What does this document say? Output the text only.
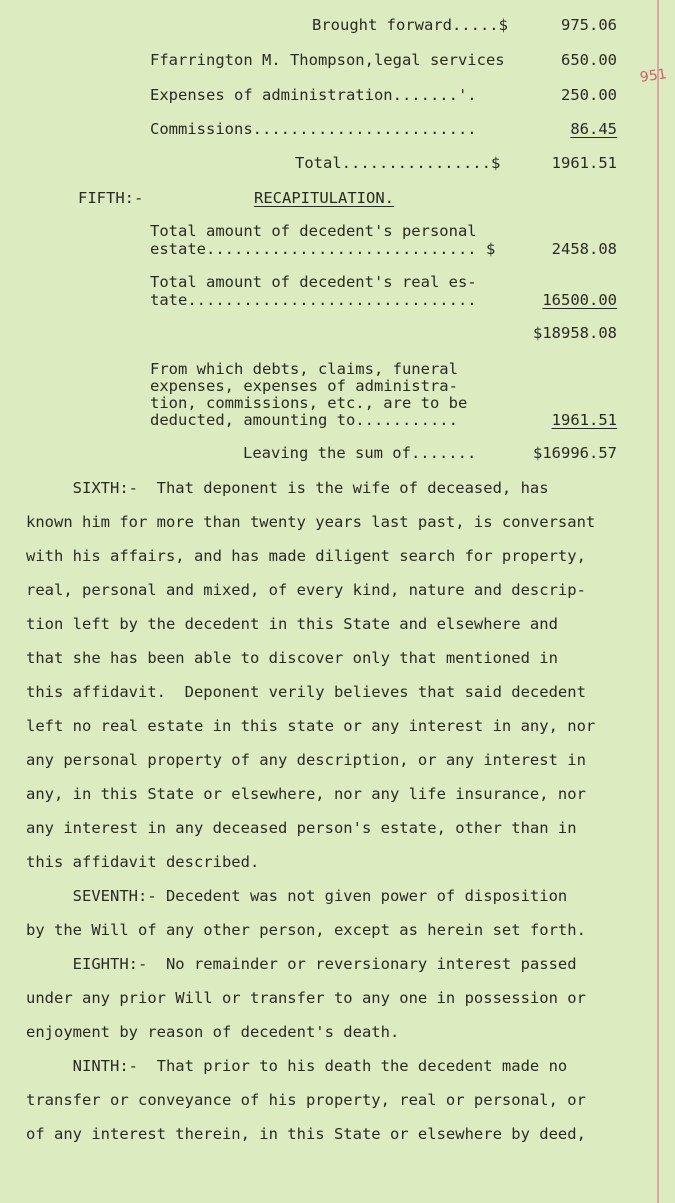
951
Brought forward.....$	975.06
Ffarrington M. Thompson,legal services	650.00
Expenses of administration.......'.	250.00
Commissions........................	86.45
Total................$	1961.51
FIFTH:-	RECAPITULATION.
Total amount of decedent's personal
estate............................. $	2458.08
Total amount of decedent's real es-
tate...............................	16500.00
$18958.08
From which debts, claims, funeral
expenses, expenses of administra-
tion, commissions, etc., are to be
deducted, amounting to...........	1961.51
Leaving the sum of.......	$16996.57
SIXTH:-  That deponent is the wife of deceased, has
known him for more than twenty years last past, is conversant
with his affairs, and has made diligent search for property,
real, personal and mixed, of every kind, nature and descrip-
tion left by the decedent in this State and elsewhere and
that she has been able to discover only that mentioned in
this affidavit.  Deponent verily believes that said decedent
left no real estate in this state or any interest in any, nor
any personal property of any description, or any interest in
any, in this State or elsewhere, nor any life insurance, nor
any interest in any deceased person's estate, other than in
this affidavit described.
SEVENTH:- Decedent was not given power of disposition
by the Will of any other person, except as herein set forth.
EIGHTH:-  No remainder or reversionary interest passed
under any prior Will or transfer to any one in possession or
enjoyment by reason of decedent's death.
NINTH:-  That prior to his death the decedent made no
transfer or conveyance of his property, real or personal, or
of any interest therein, in this State or elsewhere by deed,
